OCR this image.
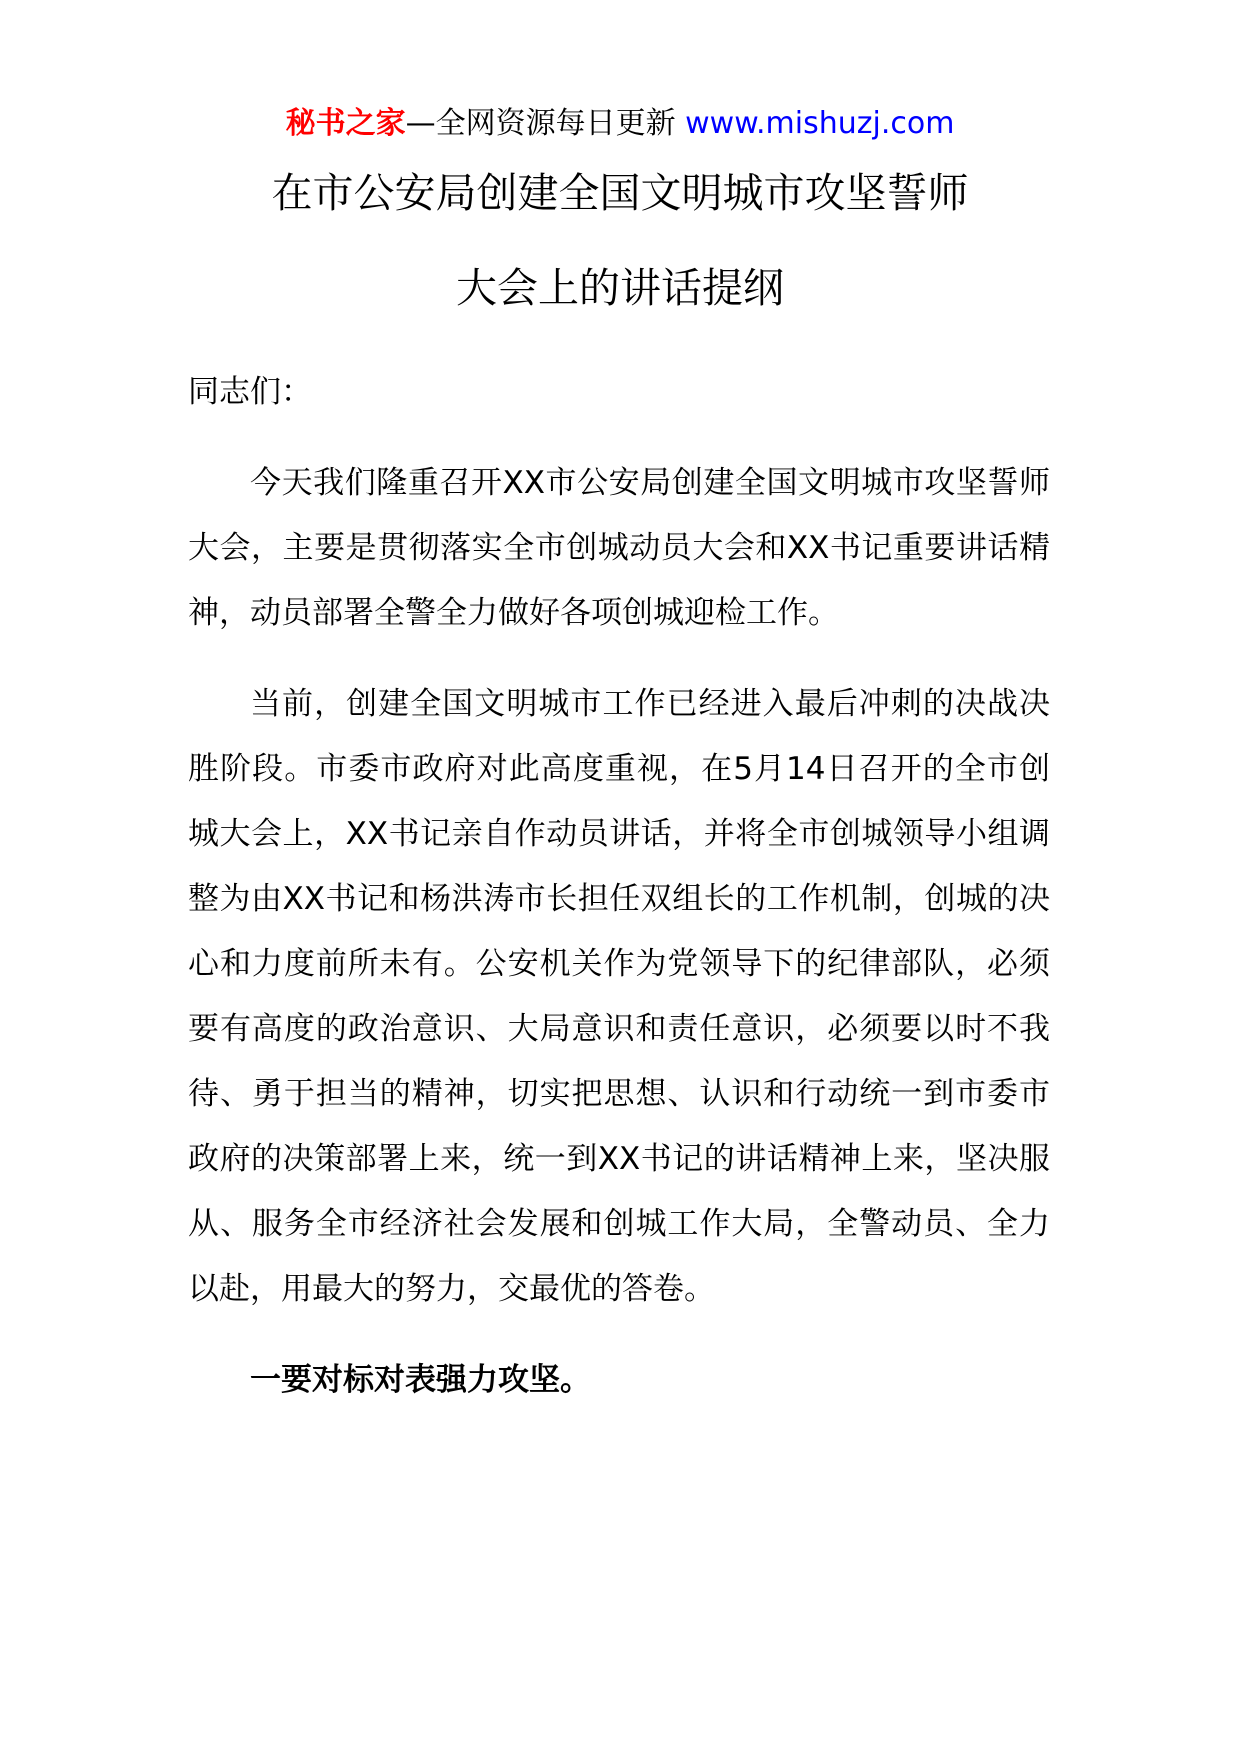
秘书之家—全网资源每日更新 www.mishuzj.com
在市公安局创建全国文明城市攻坚誓师
大会上的讲话提纲

同志们：

今天我们隆重召开XX市公安局创建全国文明城市攻坚誓师大会，主要是贯彻落实全市创城动员大会和XX书记重要讲话精神，动员部署全警全力做好各项创城迎检工作。

当前，创建全国文明城市工作已经进入最后冲刺的决战决胜阶段。市委市政府对此高度重视，在5月14日召开的全市创城大会上，XX书记亲自作动员讲话，并将全市创城领导小组调整为由XX书记和杨洪涛市长担任双组长的工作机制，创城的决心和力度前所未有。公安机关作为党领导下的纪律部队，必须要有高度的政治意识、大局意识和责任意识，必须要以时不我待、勇于担当的精神，切实把思想、认识和行动统一到市委市政府的决策部署上来，统一到XX书记的讲话精神上来，坚决服从、服务全市经济社会发展和创城工作大局，全警动员、全力以赴，用最大的努力，交最优的答卷。

一要对标对表强力攻坚。
